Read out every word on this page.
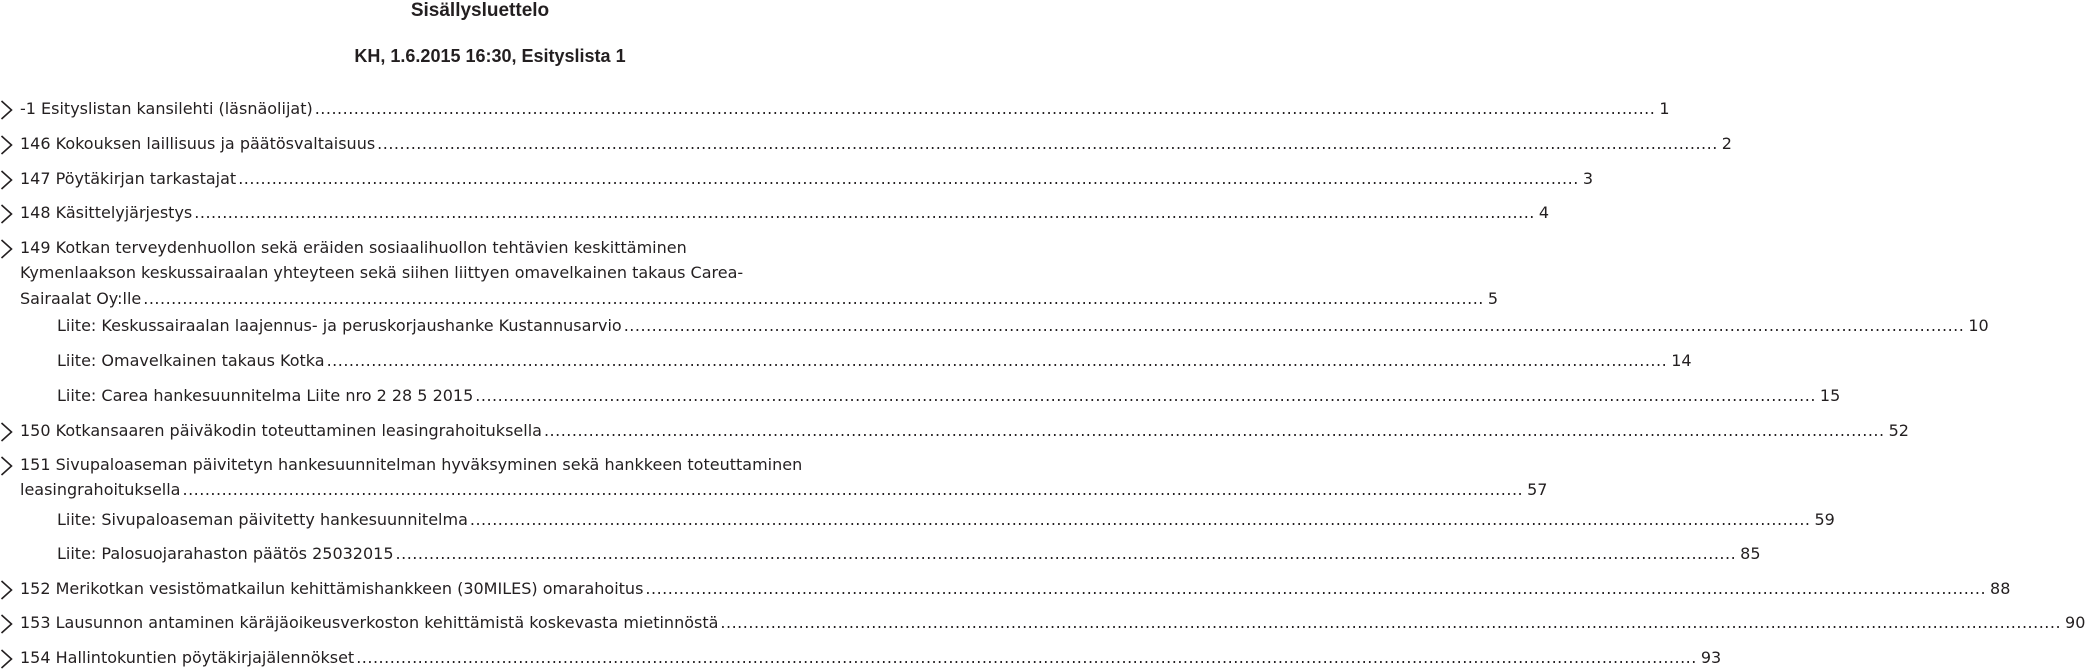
Sisällysluettelo
KH, 1.6.2015 16:30, Esityslista 1
-1 Esityslistan kansilehti (läsnäolijat) ................................................................................................................................................................................................................................................ 1
146 Kokouksen laillisuus ja päätösvaltaisuus ................................................................................................................................................................................................................................................ 2
147 Pöytäkirjan tarkastajat ................................................................................................................................................................................................................................................ 3
148 Käsittelyjärjestys ................................................................................................................................................................................................................................................ 4
149 Kotkan terveydenhuollon sekä eräiden sosiaalihuollon tehtävien keskittäminen
Kymenlaakson keskussairaalan yhteyteen sekä siihen liittyen omavelkainen takaus Carea-
Sairaalat Oy:lle ................................................................................................................................................................................................................................................ 5
Liite: Keskussairaalan laajennus- ja peruskorjaushanke Kustannusarvio ................................................................................................................................................................................................................................................ 10
Liite: Omavelkainen takaus Kotka ................................................................................................................................................................................................................................................ 14
Liite: Carea hankesuunnitelma Liite nro 2 28 5 2015 ................................................................................................................................................................................................................................................ 15
150 Kotkansaaren päiväkodin toteuttaminen leasingrahoituksella ................................................................................................................................................................................................................................................ 52
151 Sivupaloaseman päivitetyn hankesuunnitelman hyväksyminen sekä hankkeen toteuttaminen
leasingrahoituksella ................................................................................................................................................................................................................................................ 57
Liite: Sivupaloaseman päivitetty hankesuunnitelma ................................................................................................................................................................................................................................................ 59
Liite: Palosuojarahaston päätös 25032015 ................................................................................................................................................................................................................................................ 85
152 Merikotkan vesistömatkailun kehittämishankkeen (30MILES) omarahoitus ................................................................................................................................................................................................................................................ 88
153 Lausunnon antaminen käräjäoikeusverkoston kehittämistä koskevasta mietinnöstä ................................................................................................................................................................................................................................................ 90
154 Hallintokuntien pöytäkirjajälennökset ................................................................................................................................................................................................................................................ 93
